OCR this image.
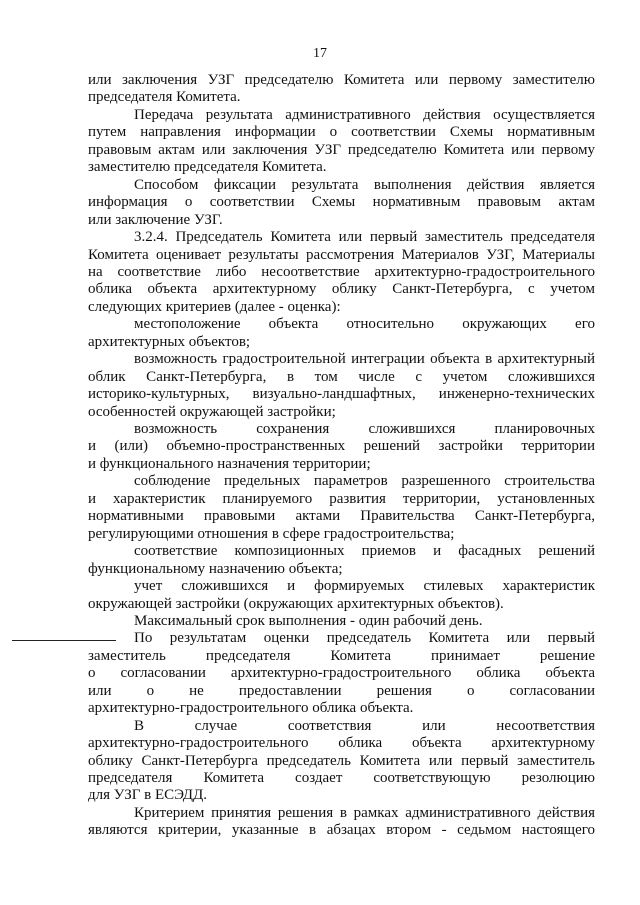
17
или заключения УЗГ председателю Комитета или первому заместителю
председателя Комитета.
Передача результата административного действия осуществляется
путем направления информации о соответствии Схемы нормативным
правовым актам или заключения УЗГ председателю Комитета или первому
заместителю председателя Комитета.
Способом фиксации результата выполнения действия является
информация о соответствии Схемы нормативным правовым актам
или заключение УЗГ.
3.2.4. Председатель Комитета или первый заместитель председателя
Комитета оценивает результаты рассмотрения Материалов УЗГ, Материалы
на соответствие либо несоответствие архитектурно-градостроительного
облика объекта архитектурному облику Санкт-Петербурга, с учетом
следующих критериев (далее - оценка):
местоположение объекта относительно окружающих его
архитектурных объектов;
возможность градостроительной интеграции объекта в архитектурный
облик Санкт-Петербурга, в том числе с учетом сложившихся
историко-культурных, визуально-ландшафтных, инженерно-технических
особенностей окружающей застройки;
возможность сохранения сложившихся планировочных
и (или) объемно-пространственных решений застройки территории
и функционального назначения территории;
соблюдение предельных параметров разрешенного строительства
и характеристик планируемого развития территории, установленных
нормативными правовыми актами Правительства Санкт-Петербурга,
регулирующими отношения в сфере градостроительства;
соответствие композиционных приемов и фасадных решений
функциональному назначению объекта;
учет сложившихся и формируемых стилевых характеристик
окружающей застройки (окружающих архитектурных объектов).
Максимальный срок выполнения - один рабочий день.
По результатам оценки председатель Комитета или первый
заместитель председателя Комитета принимает решение
о согласовании архитектурно-градостроительного облика объекта
или о не предоставлении решения о согласовании
архитектурно-градостроительного облика объекта.
В случае соответствия или несоответствия
архитектурно-градостроительного облика объекта архитектурному
облику Санкт-Петербурга председатель Комитета или первый заместитель
председателя Комитета создает соответствующую резолюцию
для УЗГ в ЕСЭДД.
Критерием принятия решения в рамках административного действия
являются критерии, указанные в абзацах втором - седьмом настоящего
